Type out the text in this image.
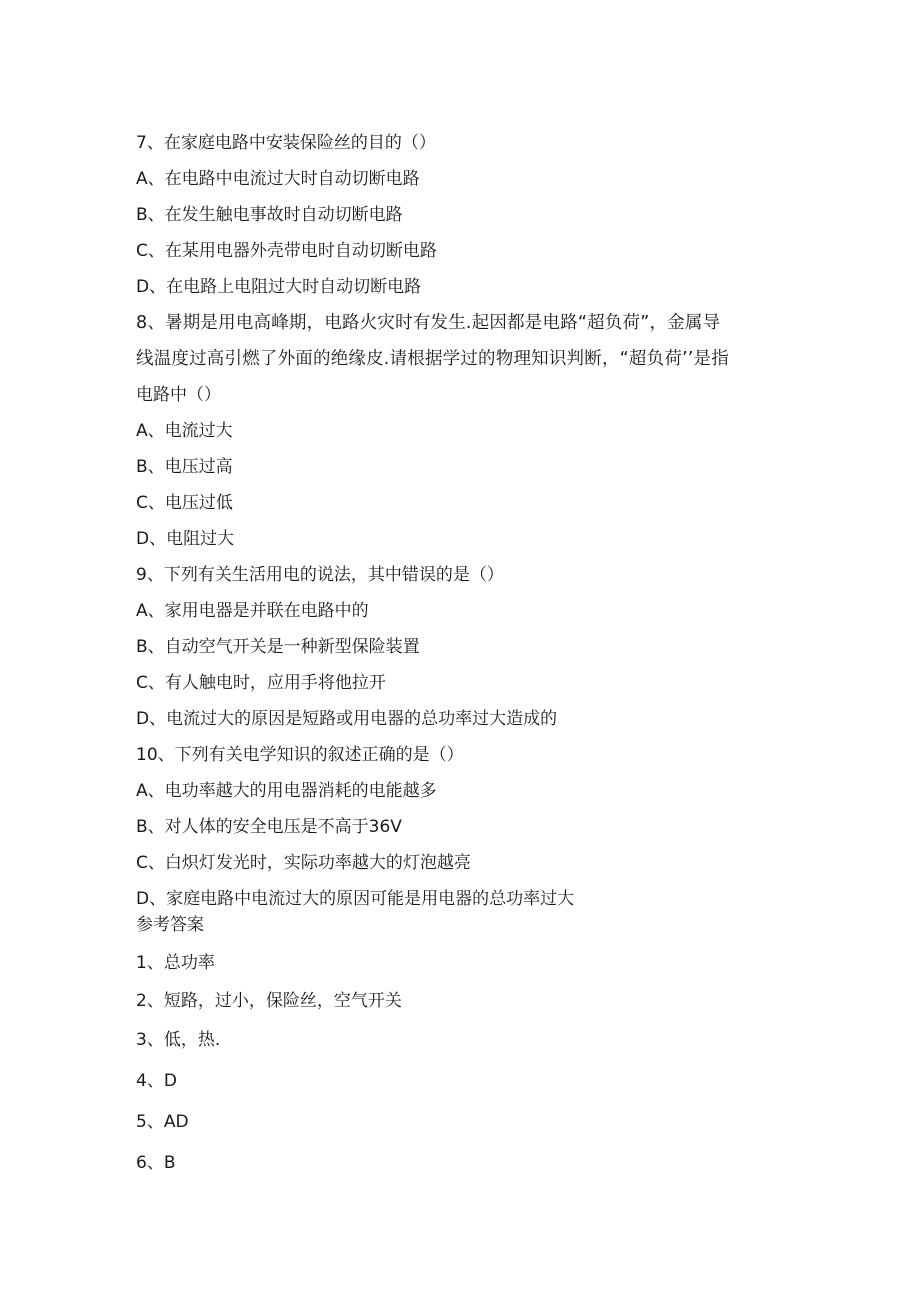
7、在家庭电路中安装保险丝的目的（）

A、在电路中电流过大时自动切断电路

B、在发生触电事故时自动切断电路

C、在某用电器外壳带电时自动切断电路

D、在电路上电阻过大时自动切断电路

8、暑期是用电高峰期，电路火灾时有发生.起因都是电路“超负荷”，金属导

线温度过高引燃了外面的绝缘皮.请根据学过的物理知识判断，“超负荷’’是指

电路中（）

A、电流过大

B、电压过高

C、电压过低

D、电阻过大

9、下列有关生活用电的说法，其中错误的是（）

A、家用电器是并联在电路中的

B、自动空气开关是一种新型保险装置

C、有人触电时，应用手将他拉开

D、电流过大的原因是短路或用电器的总功率过大造成的

10、下列有关电学知识的叙述正确的是（）

A、电功率越大的用电器消耗的电能越多

B、对人体的安全电压是不高于36V

C、白炽灯发光时，实际功率越大的灯泡越亮

D、家庭电路中电流过大的原因可能是用电器的总功率过大

参考答案

1、总功率

2、短路，过小，保险丝，空气开关

3、低，热.

4、D

5、AD

6、B
